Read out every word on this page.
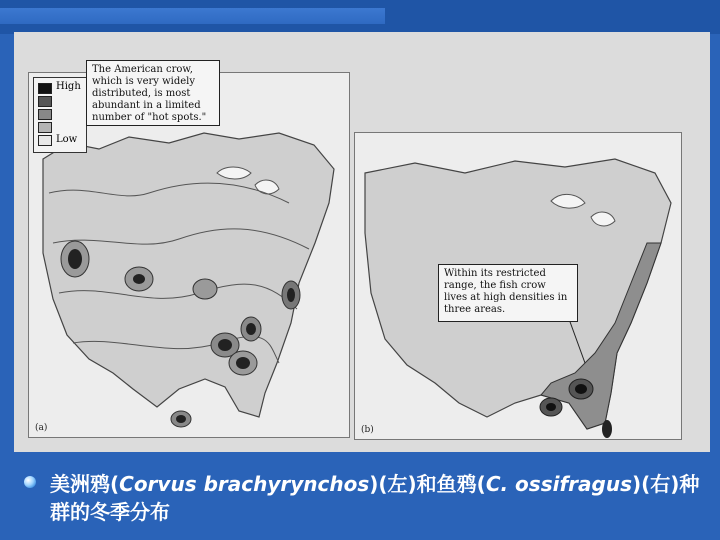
High
Low
(a)	(b)
The American crow, which is very widely distributed, is most abundant in a limited number of "hot spots."
Within its restricted range, the fish crow lives at high densities in three areas.
美洲鸦(Corvus brachyrynchos)(左)和鱼鸦(C. ossifragus)(右)种群的冬季分布
